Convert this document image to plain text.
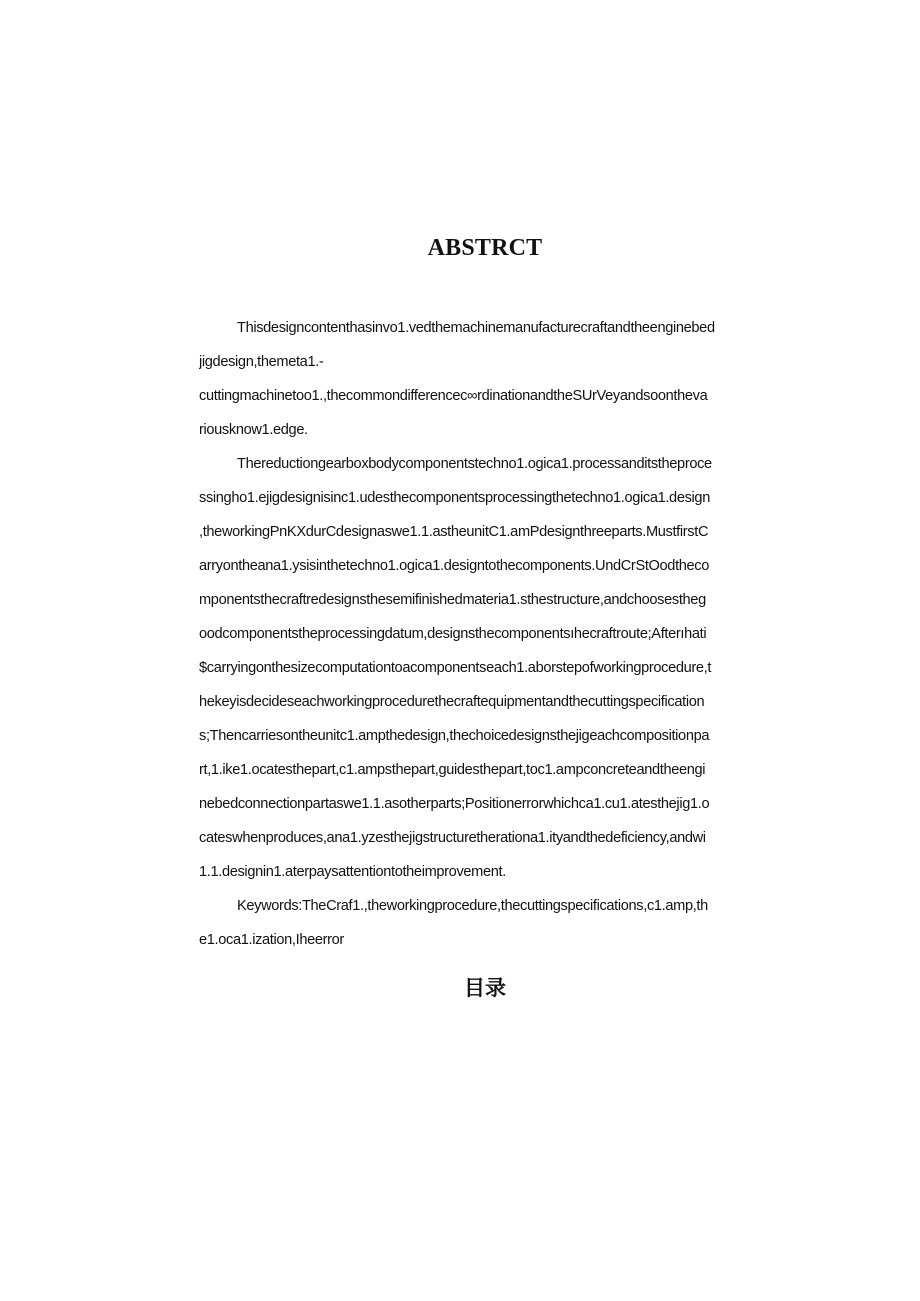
ABSTRCT
Thisdesigncontenthasinvo1.vedthemachinemanufacturecraftandtheenginebed
jigdesign,themeta1.-
cuttingmachinetoo1.,thecommondifferencec∞rdinationandtheSUrVeyandsoontheva
riousknow1.edge.
Thereductiongearboxbodycomponentstechno1.ogica1.processanditstheproce
ssingho1.ejigdesignisinc1.udesthecomponentsprocessingthetechno1.ogica1.design
,theworkingPnKXdurCdesignaswe1.1.astheunitC1.amPdesignthreeparts.MustfirstC
arryontheana1.ysisinthetechno1.ogica1.designtothecomponents.UndCrStOodtheco
mponentsthecraftredesignsthesemifinishedmateria1.sthestructure,andchoosestheg
oodcomponentstheprocessingdatum,designsthecomponentsıhecraftroute;Afterıhati
$carryingonthesizecomputationtoacomponentseach1.aborstepofworkingprocedure,t
hekeyisdecideseachworkingprocedurethecraftequipmentandthecuttingspecification
s;Thencarriesontheunitc1.ampthedesign,thechoicedesignsthejigeachcompositionpa
rt,1.ike1.ocatesthepart,c1.ampsthepart,guidesthepart,toc1.ampconcreteandtheengi
nebedconnectionpartaswe1.1.asotherparts;Positionerrorwhichca1.cu1.atesthejig1.o
cateswhenproduces,ana1.yzesthejigstructuretherationa1.ityandthedeficiency,andwi
1.1.designin1.aterpaysattentiontotheimprovement.
Keywords:TheCraf1.,theworkingprocedure,thecuttingspecifications,c1.amp,th
e1.oca1.ization,Iheerror
目录
